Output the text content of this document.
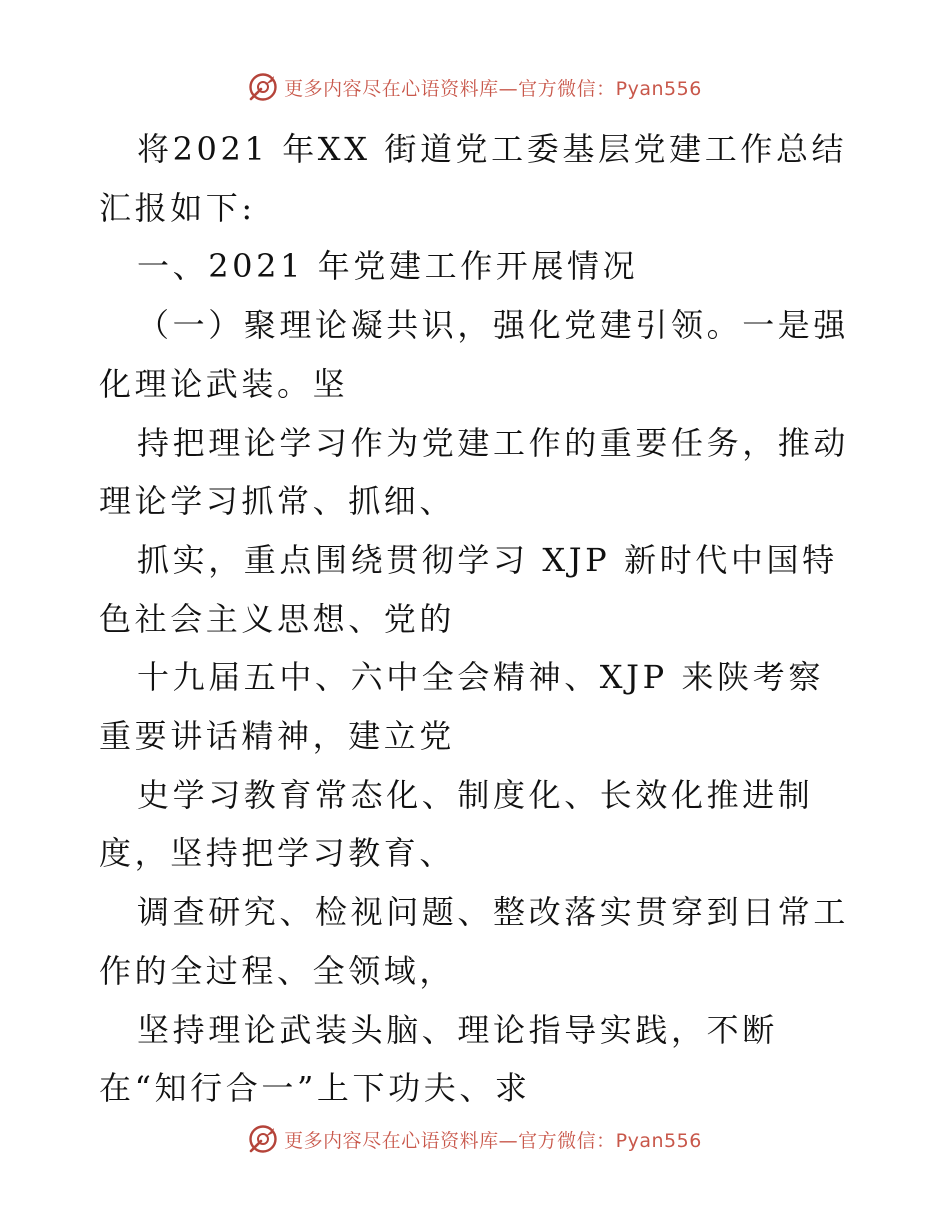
更多内容尽在心语资料库—官方微信：Pyan556

将2021 年XX 街道党工委基层党建工作总结汇报如下:

一、2021 年党建工作开展情况

（一）聚理论凝共识，强化党建引领。一是强化理论武装。坚

持把理论学习作为党建工作的重要任务，推动理论学习抓常、抓细、

抓实，重点围绕贯彻学习 XJP 新时代中国特色社会主义思想、党的

十九届五中、六中全会精神、XJP 来陕考察重要讲话精神，建立党

史学习教育常态化、制度化、长效化推进制度，坚持把学习教育、

调查研究、检视问题、整改落实贯穿到日常工作的全过程、全领域，

坚持理论武装头脑、理论指导实践，不断在“知行合一”上下功夫、求

更多内容尽在心语资料库—官方微信：Pyan556
